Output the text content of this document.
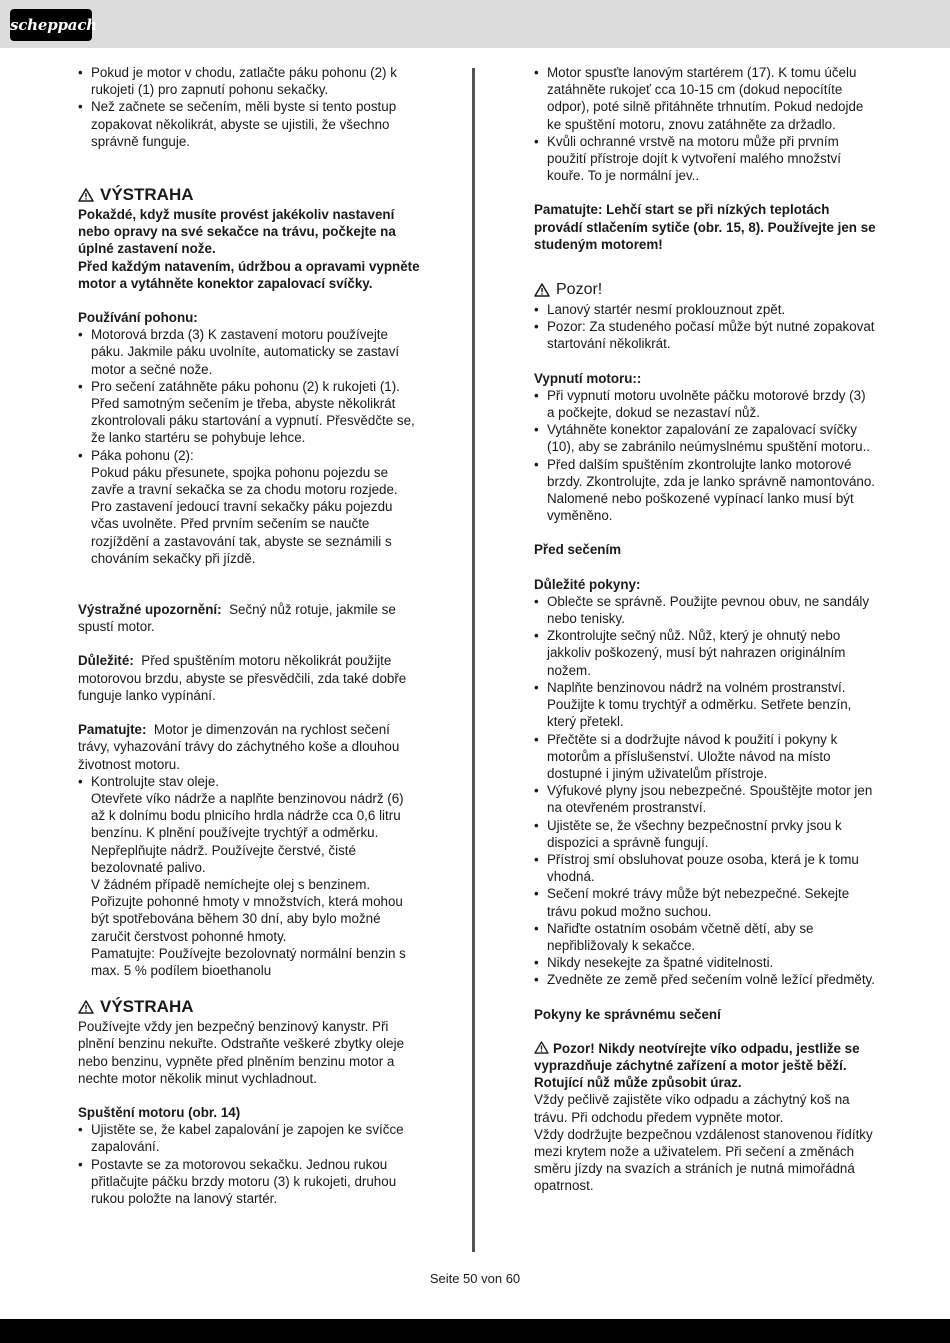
scheppach
• Pokud je motor v chodu, zatlačte páku pohonu (2) k rukojeti (1) pro zapnutí pohonu sekačky.
• Než začnete se sečením, měli byste si tento postup zopakovat několikrát, abyste se ujistili, že všechno správně funguje.
VÝSTRAHA

Pokaždé, když musíte provést jakékoliv nastavení nebo opravy na své sekačce na trávu, počkejte na úplné zastavení nože.

Před každým natavením, údržbou a opravami vypněte motor a vytáhněte konektor zapalovací svíčky.

Používání pohonu:

• Motorová brzda (3) K zastavení motoru používejte páku. Jakmile páku uvolníte, automaticky se zastaví motor a sečné nože.
• Pro sečení zatáhněte páku pohonu (2) k rukojeti (1). Před samotným sečením je třeba, abyste několikrát zkontrolovali páku startování a vypnutí. Přesvědčte se, že lanko startéru se pohybuje lehce.
• Páka pohonu (2):
Pokud páku přesunete, spojka pohonu pojezdu se zavře a travní sekačka se za chodu motoru rozjede. Pro zastavení jedoucí travní sekačky páku pojezdu včas uvolněte. Před prvním sečením se naučte rozjíždění a zastavování tak, abyste se seznámili s chováním sekačky při jízdě.

Výstražné upozornění: Sečný nůž rotuje, jakmile se spustí motor.

Důležité: Před spuštěním motoru několikrát použijte motorovou brzdu, abyste se přesvědčili, zda také dobře funguje lanko vypínání.

Pamatujte: Motor je dimenzován na rychlost sečení trávy, vyhazování trávy do záchytného koše a dlouhou životnost motoru.

• Kontrolujte stav oleje.
Otevřete víko nádrže a naplňte benzinovou nádrž (6) až k dolnímu bodu plnicího hrdla nádrže cca 0,6 litru benzínu. K plnění používejte trychtýř a odměrku. Nepřeplňujte nádrž. Používejte čerstvé, čisté bezolovnaté palivo.
V žádném případě nemíchejte olej s benzinem. Pořizujte pohonné hmoty v množstvích, která mohou být spotřebována během 30 dní, aby bylo možné zaručit čerstvost pohonné hmoty.
Pamatujte: Používejte bezolovnatý normální benzin s max. 5 % podílem bioethanolu
VÝSTRAHA

Používejte vždy jen bezpečný benzinový kanystr. Při plnění benzinu nekuřte. Odstraňte veškeré zbytky oleje nebo benzinu, vypněte před plněním benzinu motor a nechte motor několik minut vychladnout.

Spuštění motoru (obr. 14)

• Ujistěte se, že kabel zapalování je zapojen ke svíčce zapalování.
• Postavte se za motorovou sekačku. Jednou rukou přitlačujte páčku brzdy motoru (3) k rukojeti, druhou rukou položte na lanový startér.
• Motor spusťte lanovým startérem (17). K tomu účelu zatáhněte rukojeť cca 10-15 cm (dokud nepocítíte odpor), poté silně přitáhněte trhnutím. Pokud nedojde ke spuštění motoru, znovu zatáhněte za držadlo.
• Kvůli ochranné vrstvě na motoru může při prvním použití přístroje dojít k vytvoření malého množství kouře. To je normální jev..

Pamatujte: Lehčí start se při nízkých teplotách provádí stlačením sytiče (obr. 15, 8). Používejte jen se studeným motorem!

Pozor!
• Lanový startér nesmí proklouznout zpět.
• Pozor: Za studeného počasí může být nutné zopakovat startování několikrát.

Vypnutí motoru::

• Při vypnutí motoru uvolněte páčku motorové brzdy (3) a počkejte, dokud se nezastaví nůž.
• Vytáhněte konektor zapalování ze zapalovací svíčky (10), aby se zabránilo neúmyslnému spuštění motoru..
• Před dalším spuštěním zkontrolujte lanko motorové brzdy. Zkontrolujte, zda je lanko správně namontováno. Nalomené nebo poškozené vypínací lanko musí být vyměněno.

Před sečením

Důležité pokyny:

• Oblečte se správně. Použijte pevnou obuv, ne sandály nebo tenisky.
• Zkontrolujte sečný nůž. Nůž, který je ohnutý nebo jakkoliv poškozený, musí být nahrazen originálním nožem.
• Naplňte benzinovou nádrž na volném prostranství. Použijte k tomu trychtýř a odměrku. Setřete benzín, který přetekl.
• Přečtěte si a dodržujte návod k použití i pokyny k motorům a příslušenství. Uložte návod na místo dostupné i jiným uživatelům přístroje.
• Výfukové plyny jsou nebezpečné. Spouštějte motor jen na otevřeném prostranství.
• Ujistěte se, že všechny bezpečnostní prvky jsou k dispozici a správně fungují.
• Přístroj smí obsluhovat pouze osoba, která je k tomu vhodná.
• Sečení mokré trávy může být nebezpečné. Sekejte trávu pokud možno suchou.
• Nařiďte ostatním osobám včetně dětí, aby se nepřibližovaly k sekačce.
• Nikdy nesekejte za špatné viditelnosti.
• Zvedněte ze země před sečením volně ležící předměty.

Pokyny ke správnému sečení

Pozor! Nikdy neotvírejte víko odpadu, jestliže se vyprazdňuje záchytné zařízení a motor ještě běží. Rotující nůž může způsobit úraz.

Vždy pečlivě zajistěte víko odpadu a záchytný koš na trávu. Při odchodu předem vypněte motor.

Vždy dodržujte bezpečnou vzdálenost stanovenou řídítky mezi krytem nože a uživatelem. Při sečení a změnách směru jízdy na svazích a stráních je nutná mimořádná opatrnost.

Seite 50 von 60
